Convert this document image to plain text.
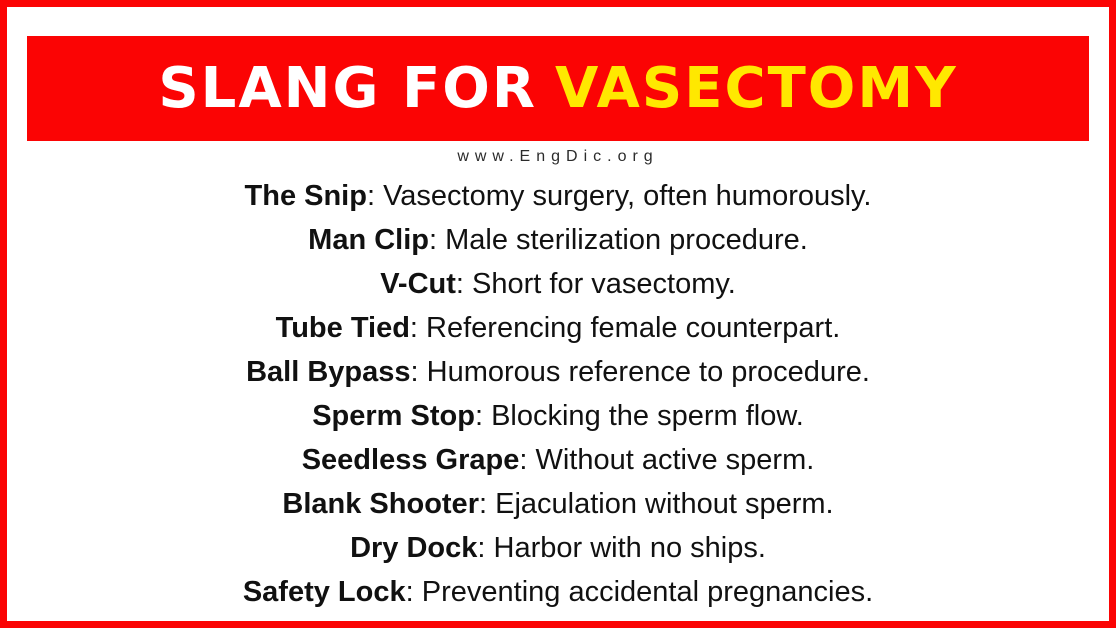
SLANG FOR VASECTOMY
www.EngDic.org
The Snip: Vasectomy surgery, often humorously.
Man Clip: Male sterilization procedure.
V-Cut: Short for vasectomy.
Tube Tied: Referencing female counterpart.
Ball Bypass: Humorous reference to procedure.
Sperm Stop: Blocking the sperm flow.
Seedless Grape: Without active sperm.
Blank Shooter: Ejaculation without sperm.
Dry Dock: Harbor with no ships.
Safety Lock: Preventing accidental pregnancies.
